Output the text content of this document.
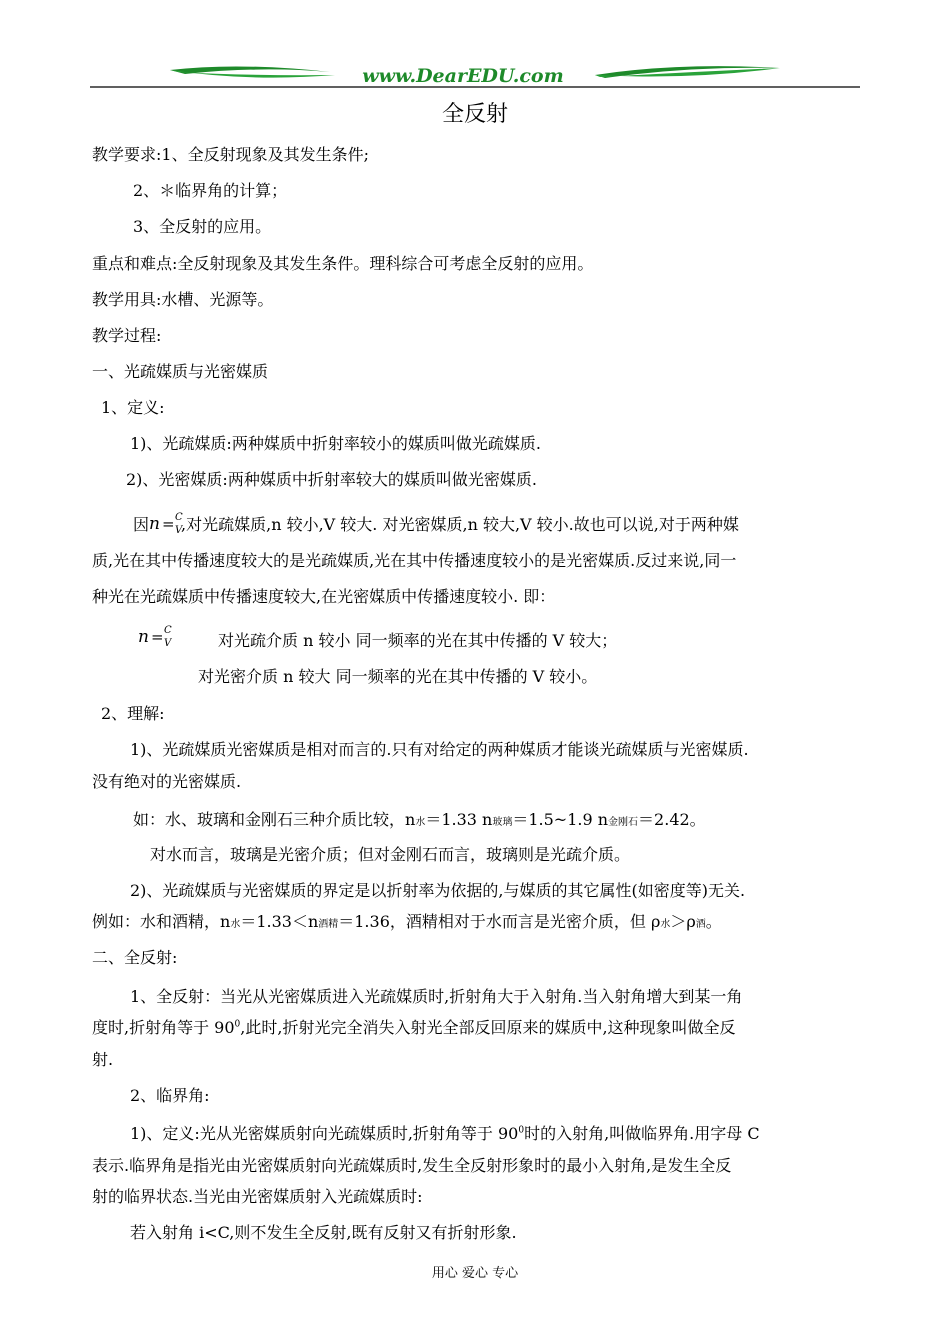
www.DearEDU.com
全反射
教学要求:1、全反射现象及其发生条件;
2、＊临界角的计算；
3、全反射的应用。
重点和难点:全反射现象及其发生条件。理科综合可考虑全反射的应用。
教学用具:水槽、光源等。
教学过程:
一、光疏媒质与光密媒质
1、定义:
1)、光疏媒质:两种媒质中折射率较小的媒质叫做光疏媒质.
2)、光密媒质:两种媒质中折射率较大的媒质叫做光密媒质.
因 n = C
V
,对光疏媒质,n 较小,V 较大. 对光密媒质,n 较大,V 较小.故也可以说,对于两种媒
质,光在其中传播速度较大的是光疏媒质,光在其中传播速度较小的是光密媒质.反过来说,同一
种光在光疏媒质中传播速度较大,在光密媒质中传播速度较小. 即：
n = C
V	对光疏介质 n 较小 同一频率的光在其中传播的 V 较大；
对光密介质 n 较大 同一频率的光在其中传播的 V 较小。
2、理解:
1)、光疏媒质光密媒质是相对而言的.只有对给定的两种媒质才能谈光疏媒质与光密媒质.
没有绝对的光密媒质.
如：水、玻璃和金刚石三种介质比较，n水＝1.33 n玻璃＝1.5~1.9 n金刚石＝2.42。
对水而言，玻璃是光密介质；但对金刚石而言，玻璃则是光疏介质。
2)、光疏媒质与光密媒质的界定是以折射率为依据的,与媒质的其它属性(如密度等)无关.
例如：水和酒精，n水＝1.33＜n酒精＝1.36，酒精相对于水而言是光密介质，但 ρ水＞ρ酒。
二、全反射:
1、全反射：当光从光密媒质进入光疏媒质时,折射角大于入射角.当入射角增大到某一角
度时,折射角等于 $90^0$,此时,折射光完全消失入射光全部反回原来的媒质中,这种现象叫做全反
射.
2、临界角:
1)、定义:光从光密媒质射向光疏媒质时,折射角等于 $90^0$时的入射角,叫做临界角.用字母 C
表示.临界角是指光由光密媒质射向光疏媒质时,发生全反射形象时的最小入射角,是发生全反
射的临界状态.当光由光密媒质射入光疏媒质时:
若入射角 i<C,则不发生全反射,既有反射又有折射形象.
用心 爱心 专心
